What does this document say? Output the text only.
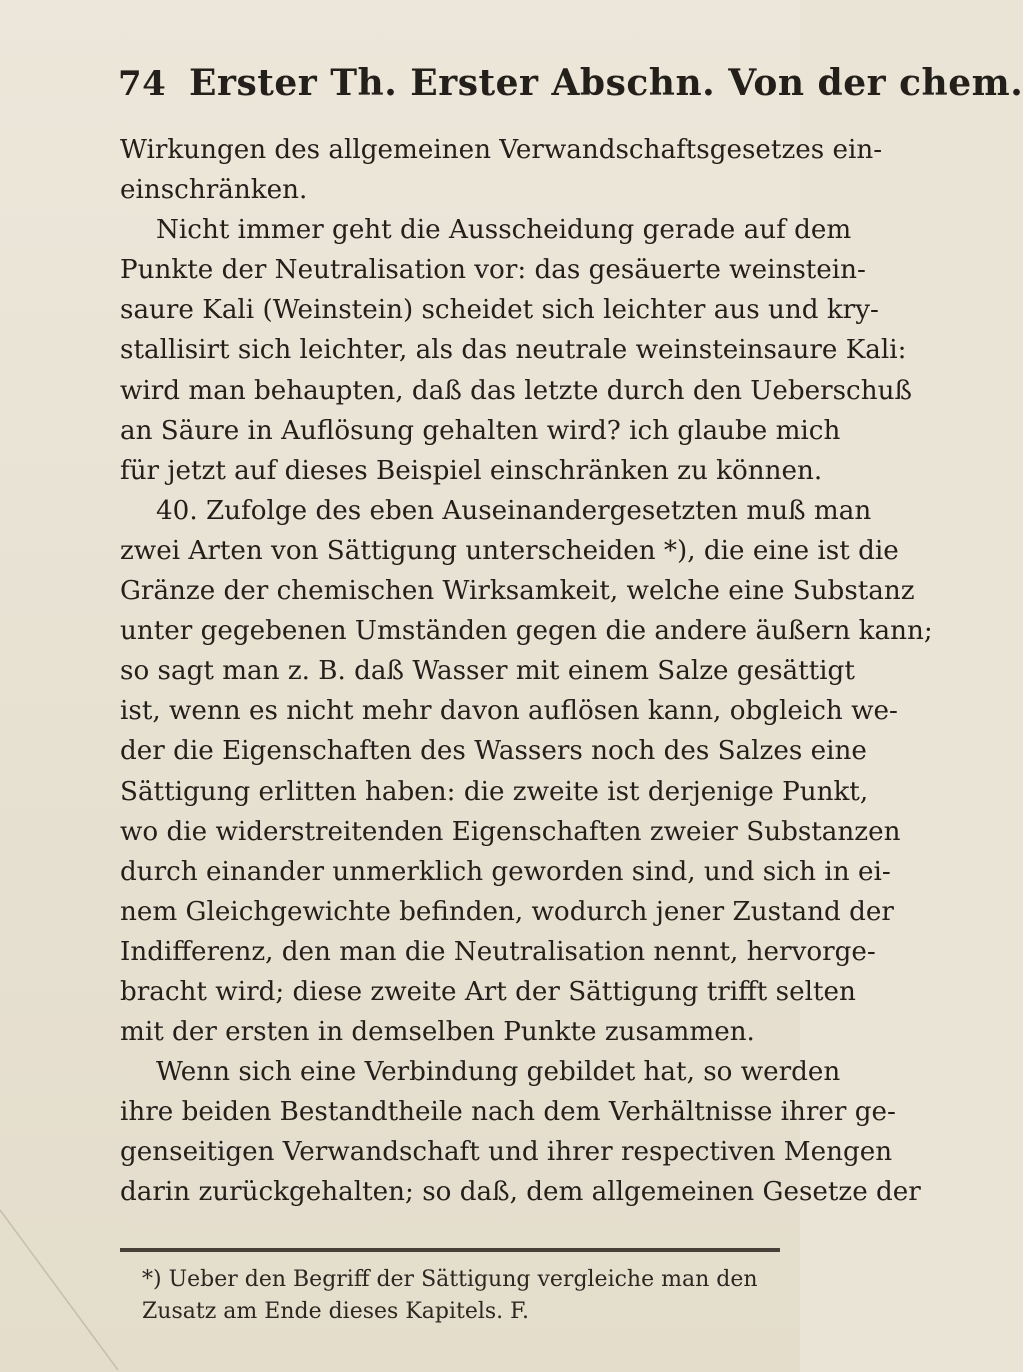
74 Erster Th. Erster Abschn. Von der chem.
Wirkungen des allgemeinen Verwandschaftsgesetzes ein-
einschränken.
Nicht immer geht die Ausscheidung gerade auf dem
Punkte der Neutralisation vor: das gesäuerte weinstein-
saure Kali (Weinstein) scheidet sich leichter aus und kry-
stallisirt sich leichter, als das neutrale weinsteinsaure Kali:
wird man behaupten, daß das letzte durch den Ueberschuß
an Säure in Auflösung gehalten wird? ich glaube mich
für jetzt auf dieses Beispiel einschränken zu können.
40. Zufolge des eben Auseinandergesetzten muß man
zwei Arten von Sättigung unterscheiden *), die eine ist die
Gränze der chemischen Wirksamkeit, welche eine Substanz
unter gegebenen Umständen gegen die andere äußern kann;
so sagt man z. B. daß Wasser mit einem Salze gesättigt
ist, wenn es nicht mehr davon auflösen kann, obgleich we-
der die Eigenschaften des Wassers noch des Salzes eine
Sättigung erlitten haben: die zweite ist derjenige Punkt,
wo die widerstreitenden Eigenschaften zweier Substanzen
durch einander unmerklich geworden sind, und sich in ei-
nem Gleichgewichte befinden, wodurch jener Zustand der
Indifferenz, den man die Neutralisation nennt, hervorge-
bracht wird; diese zweite Art der Sättigung trifft selten
mit der ersten in demselben Punkte zusammen.
Wenn sich eine Verbindung gebildet hat, so werden
ihre beiden Bestandtheile nach dem Verhältnisse ihrer ge-
genseitigen Verwandschaft und ihrer respectiven Mengen
darin zurückgehalten; so daß, dem allgemeinen Gesetze der
*) Ueber den Begriff der Sättigung vergleiche man den
Zusatz am Ende dieses Kapitels. F.
